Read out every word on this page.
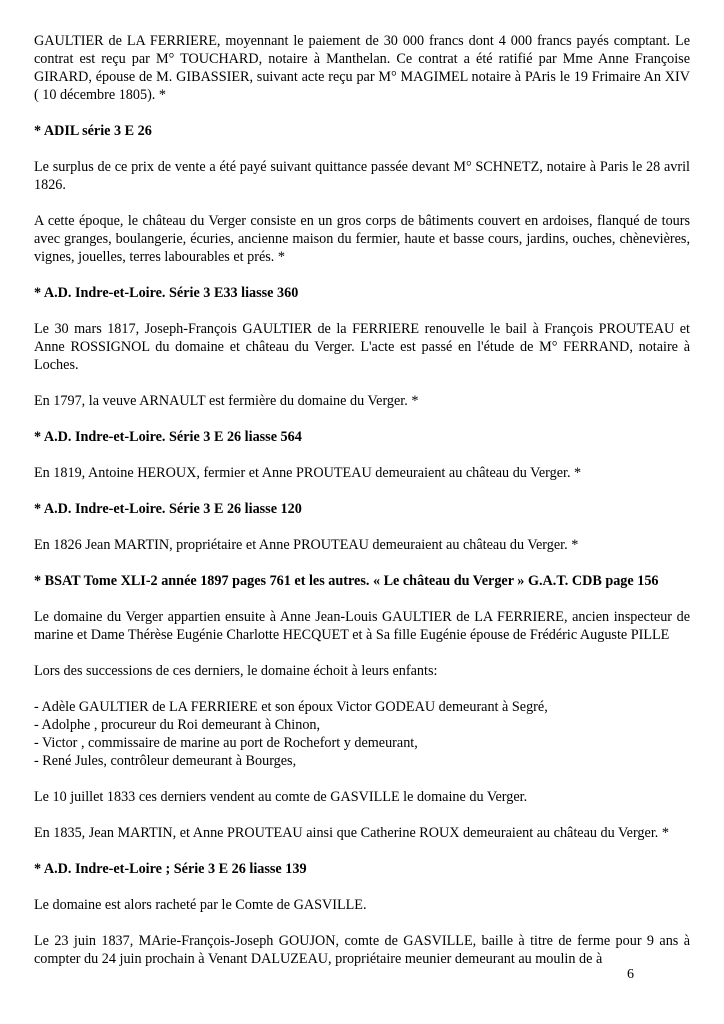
GAULTIER de LA FERRIERE, moyennant le paiement de 30 000 francs dont 4 000 francs payés comptant. Le contrat est reçu par M° TOUCHARD, notaire à Manthelan. Ce contrat a été ratifié par Mme Anne Françoise GIRARD, épouse de M. GIBASSIER, suivant acte reçu par M° MAGIMEL notaire à PAris le 19 Frimaire An XIV ( 10 décembre 1805). *

* ADIL série 3 E 26

Le surplus de ce prix de vente a été payé suivant quittance passée devant M° SCHNETZ, notaire à Paris le 28 avril 1826.

A cette époque, le château du Verger consiste en un gros corps de bâtiments couvert en ardoises, flanqué de tours avec granges, boulangerie, écuries, ancienne maison du fermier, haute et basse cours, jardins, ouches, chènevières, vignes, jouelles, terres labourables et prés. *

* A.D. Indre-et-Loire. Série 3 E33 liasse 360

Le 30 mars 1817, Joseph-François GAULTIER de la FERRIERE renouvelle le bail à François PROUTEAU et Anne ROSSIGNOL du domaine et château du Verger. L'acte est passé en l'étude de M° FERRAND, notaire à Loches.

En 1797, la veuve ARNAULT est fermière du domaine du Verger. *

* A.D. Indre-et-Loire. Série 3 E 26 liasse 564

En 1819, Antoine HEROUX, fermier et Anne PROUTEAU demeuraient au château du Verger. *

* A.D. Indre-et-Loire. Série 3 E 26 liasse 120

En 1826 Jean MARTIN, propriétaire et Anne PROUTEAU demeuraient au château du Verger. *

* BSAT Tome XLI-2 année 1897 pages 761 et les autres. « Le château du Verger » G.A.T. CDB page 156

Le domaine du Verger appartien ensuite à Anne Jean-Louis GAULTIER de LA FERRIERE, ancien inspecteur de marine et Dame Thérèse Eugénie Charlotte HECQUET et à Sa fille Eugénie épouse de Frédéric Auguste PILLE

Lors des successions de ces derniers, le domaine échoit à leurs enfants:

- Adèle GAULTIER de LA FERRIERE et son époux Victor GODEAU demeurant à Segré,
- Adolphe , procureur du Roi demeurant à Chinon,
- Victor , commissaire de marine au port de Rochefort y demeurant,
- René Jules, contrôleur demeurant à Bourges,

Le 10 juillet 1833 ces derniers vendent au comte de GASVILLE le domaine du Verger.

En 1835, Jean MARTIN, et Anne PROUTEAU ainsi que Catherine ROUX demeuraient au château du Verger. *

* A.D. Indre-et-Loire ; Série 3 E 26 liasse 139

Le domaine est alors racheté par le Comte de GASVILLE.

Le 23 juin 1837, MArie-François-Joseph GOUJON, comte de GASVILLE, baille à titre de ferme pour 9 ans à compter du 24 juin prochain à Venant DALUZEAU, propriétaire meunier demeurant au moulin de à

6
